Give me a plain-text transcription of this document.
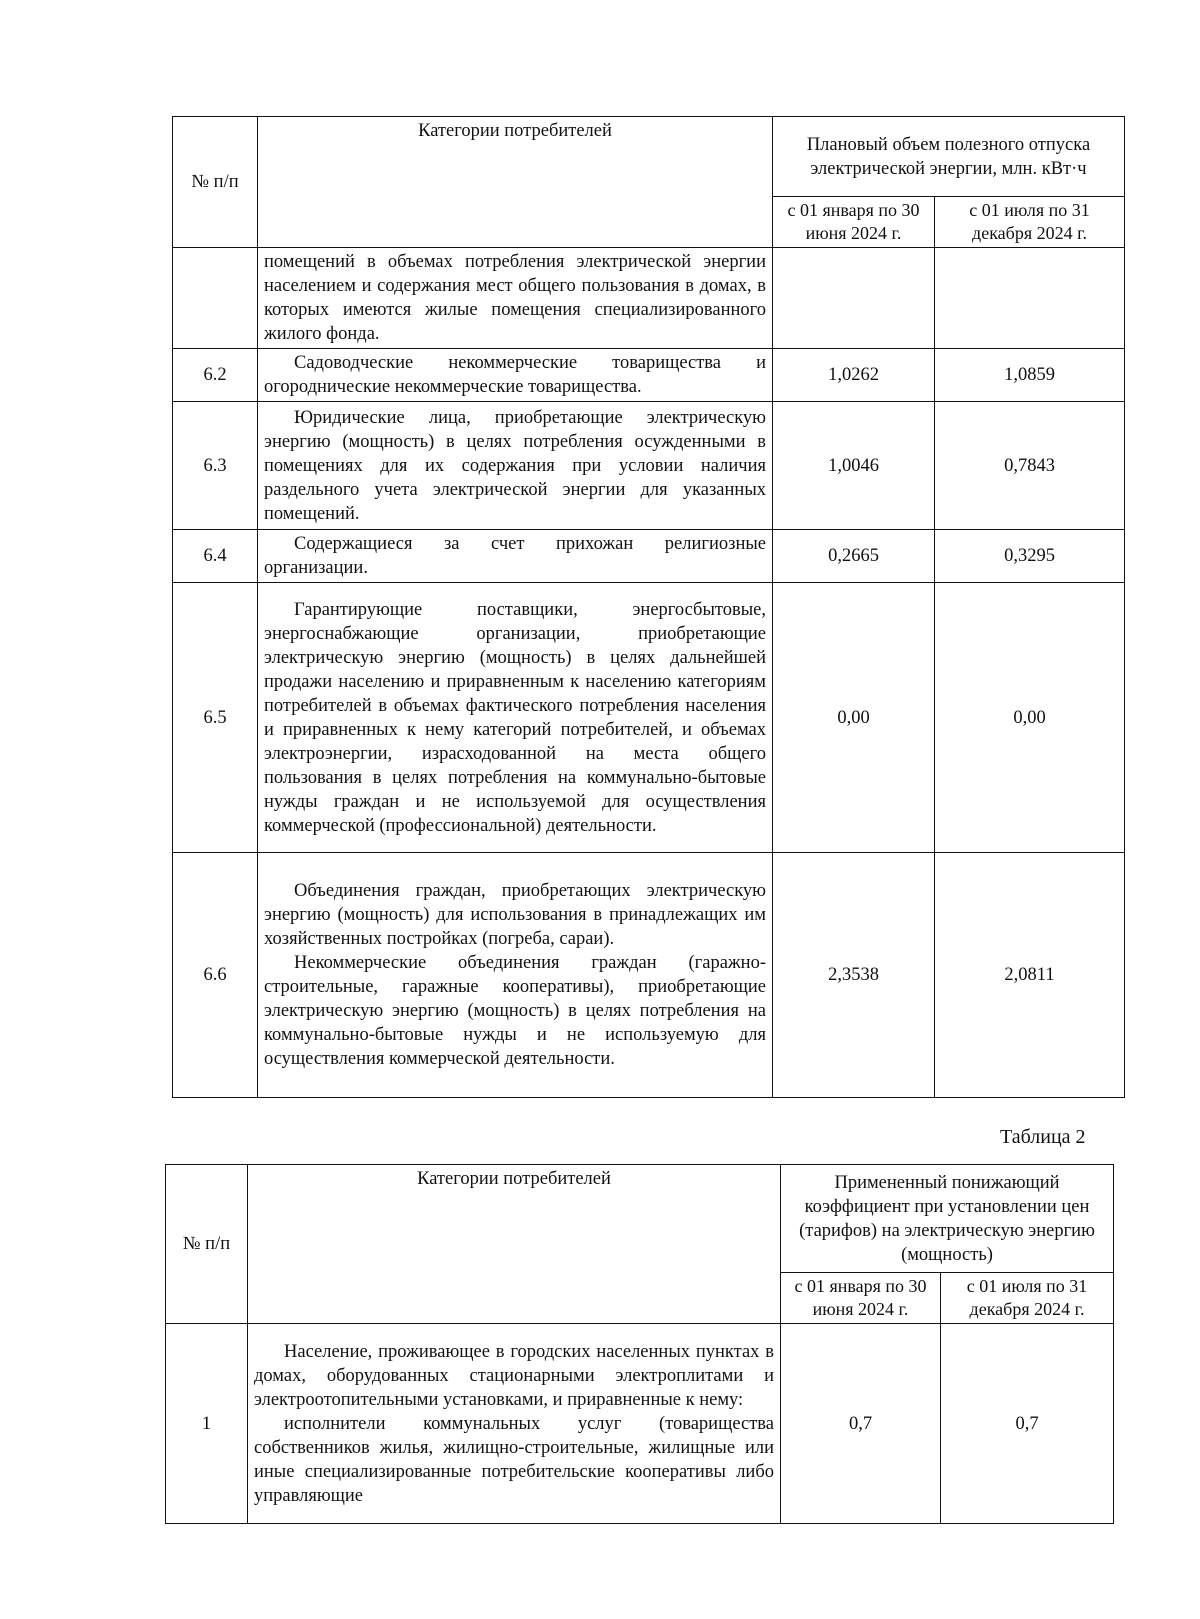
№ п/п	Категории потребителей	Плановый объем полезного отпуска электрической энергии, млн. кВт·ч	
		с 01 января по 30 июня 2024 г.	с 01 июля по 31 декабря 2024 г.

	помещений в объемах потребления электрической энергии населением и содержания мест общего пользования в домах, в которых имеются жилые помещения специализированного жилого фонда.		

6.2	Садоводческие некоммерческие товарищества и огороднические некоммерческие товарищества.	1,0262	1,0859
6.3	Юридические лица, приобретающие электрическую энергию (мощность) в целях потребления осужденными в помещениях для их содержания при условии наличия раздельного учета электрической энергии для указанных помещений.	1,0046	0,7843
6.4	Содержащиеся за счет прихожан религиозные организации.	0,2665	0,3295
6.5	Гарантирующие поставщики, энергосбытовые, энергоснабжающие организации, приобретающие электрическую энергию (мощность) в целях дальнейшей продажи населению и приравненным к населению категориям потребителей в объемах фактического потребления населения и приравненных к нему категорий потребителей, и объемах электроэнергии, израсходованной на места общего пользования в целях потребления на коммунально-бытовые нужды граждан и не используемой для осуществления коммерческой (профессиональной) деятельности.	0,00	0,00
6.6	Объединения граждан, приобретающих электрическую энергию (мощность) для использования в принадлежащих им хозяйственных постройках (погреба, сараи).

Некоммерческие объединения граждан (гаражно-строительные, гаражные кооперативы), приобретающие электрическую энергию (мощность) в целях потребления на коммунально-бытовые нужды и не используемую для осуществления коммерческой деятельности.	2,3538	2,0811
Таблица 2
№ п/п	Категории потребителей	Примененный понижающий коэффициент при установлении цен (тарифов) на электрическую энергию (мощность)	
		с 01 января по 30 июня 2024 г.	с 01 июля по 31 декабря 2024 г.
1	Население, проживающее в городских населенных пунктах в домах, оборудованных стационарными электроплитами и электроотопительными установками, и приравненные к нему:

исполнители коммунальных услуг (товарищества собственников жилья, жилищно-строительные, жилищные или иные специализированные потребительские кооперативы либо управляющие	0,7	0,7
